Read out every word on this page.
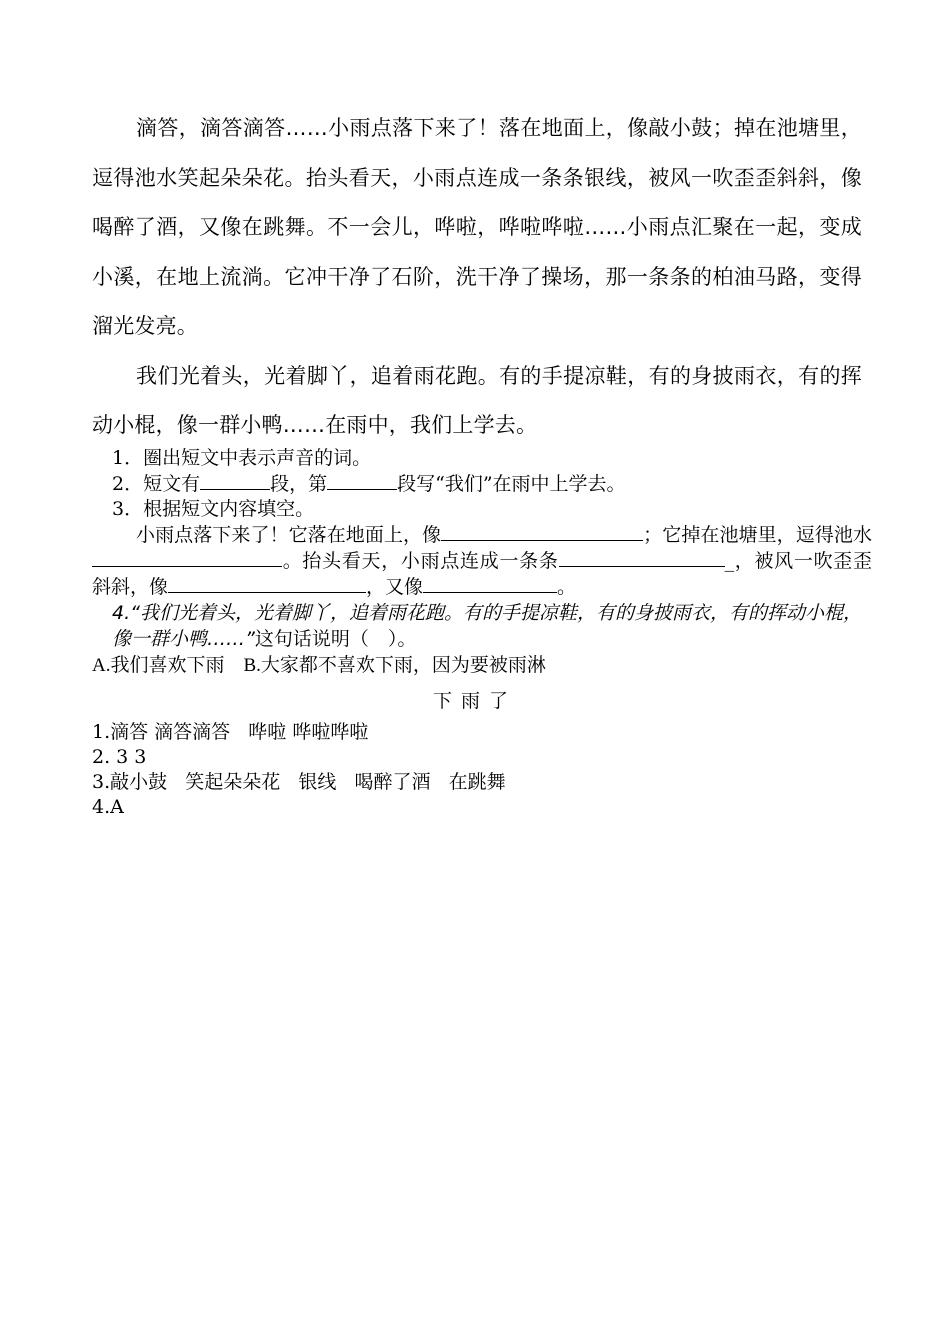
滴答，滴答滴答……小雨点落下来了！落在地面上，像敲小鼓；掉在池塘里，逗得池水笑起朵朵花。抬头看天，小雨点连成一条条银线，被风一吹歪歪斜斜，像喝醉了酒，又像在跳舞。不一会儿，哗啦，哗啦哗啦……小雨点汇聚在一起，变成小溪，在地上流淌。它冲干净了石阶，洗干净了操场，那一条条的柏油马路，变得溜光发亮。

我们光着头，光着脚丫，追着雨花跑。有的手提凉鞋，有的身披雨衣，有的挥动小棍，像一群小鸭……在雨中，我们上学去。

1．圈出短文中表示声音的词。

2．短文有	段，第	段写“我们”在雨中上学去。

3．根据短文内容填空。

小雨点落下来了！它落在地面上，像	；它掉在池塘里，逗得池水。抬头看天，小雨点连成一条条	_，被风一吹歪歪斜斜，像	，又像	。

4.“我们光着头，光着脚丫，追着雨花跑。有的手提凉鞋，有的身披雨衣，有的挥动小棍，像一群小鸭……”这句话说明（　）。

A.我们喜欢下雨　B.大家都不喜欢下雨，因为要被雨淋

下雨了

1.滴答 滴答滴答   哗啦 哗啦哗啦

2. 3 3

3.敲小鼓   笑起朵朵花   银线   喝醉了酒   在跳舞

4.A
